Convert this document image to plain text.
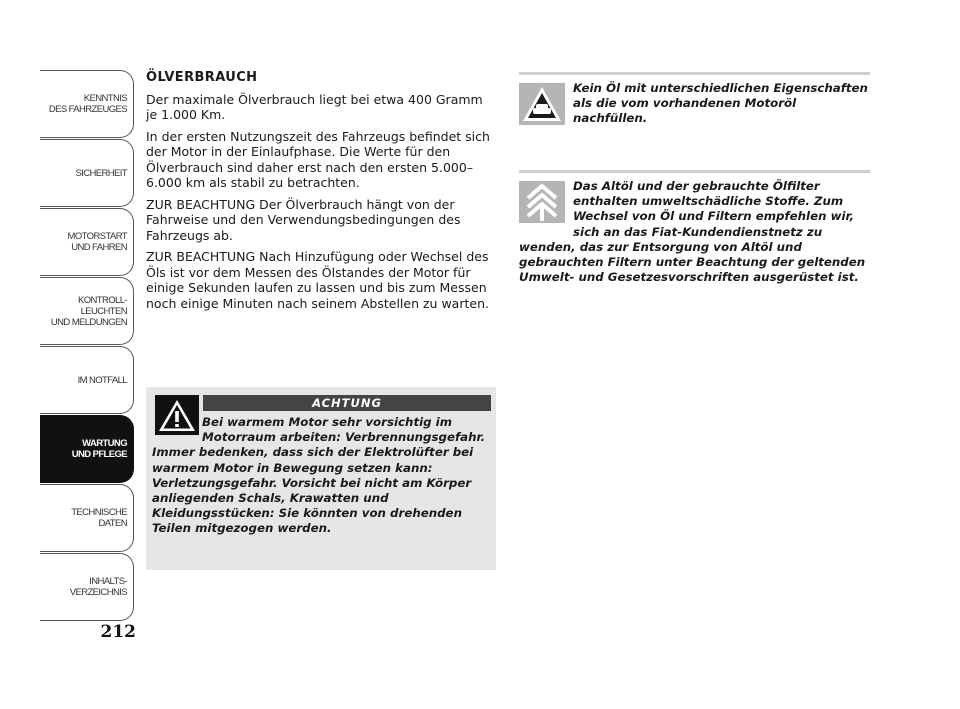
KENNTNIS
DES FAHRZEUGES
SICHERHEIT
MOTORSTART
UND FAHREN
KONTROLL-
LEUCHTEN
UND MELDUNGEN
IM NOTFALL
WARTUNG
UND PFLEGE
TECHNISCHE
DATEN
INHALTS-
VERZEICHNIS
212
ÖLVERBRAUCH

Der maximale Ölverbrauch liegt bei etwa 400 Gramm je 1.000 Km.

In der ersten Nutzungszeit des Fahrzeugs befindet sich der Motor in der Einlaufphase. Die Werte für den Ölverbrauch sind daher erst nach den ersten 5.000–6.000 km als stabil zu betrachten.

ZUR BEACHTUNG Der Ölverbrauch hängt von der Fahrweise und den Verwendungsbedingungen des Fahrzeugs ab.

ZUR BEACHTUNG Nach Hinzufügung oder Wechsel des Öls ist vor dem Messen des Ölstandes der Motor für einige Sekunden laufen zu lassen und bis zum Messen noch einige Minuten nach seinem Abstellen zu warten.

ACHTUNG
Bei warmem Motor sehr vorsichtig im Motorraum arbeiten: Verbrennungsgefahr. Immer bedenken, dass sich der Elektrolüfter bei warmem Motor in Bewegung setzen kann: Verletzungsgefahr. Vorsicht bei nicht am Körper anliegenden Schals, Krawatten und Kleidungsstücken: Sie könnten von drehenden Teilen mitgezogen werden.
Kein Öl mit unterschiedlichen Eigenschaften als die vom vorhandenen Motoröl nachfüllen.
Das Altöl und der gebrauchte Ölfilter enthalten umweltschädliche Stoffe. Zum Wechsel von Öl und Filtern empfehlen wir, sich an das Fiat-Kundendienstnetz zu wenden, das zur Entsorgung von Altöl und gebrauchten Filtern unter Beachtung der geltenden Umwelt- und Gesetzesvorschriften ausgerüstet ist.
